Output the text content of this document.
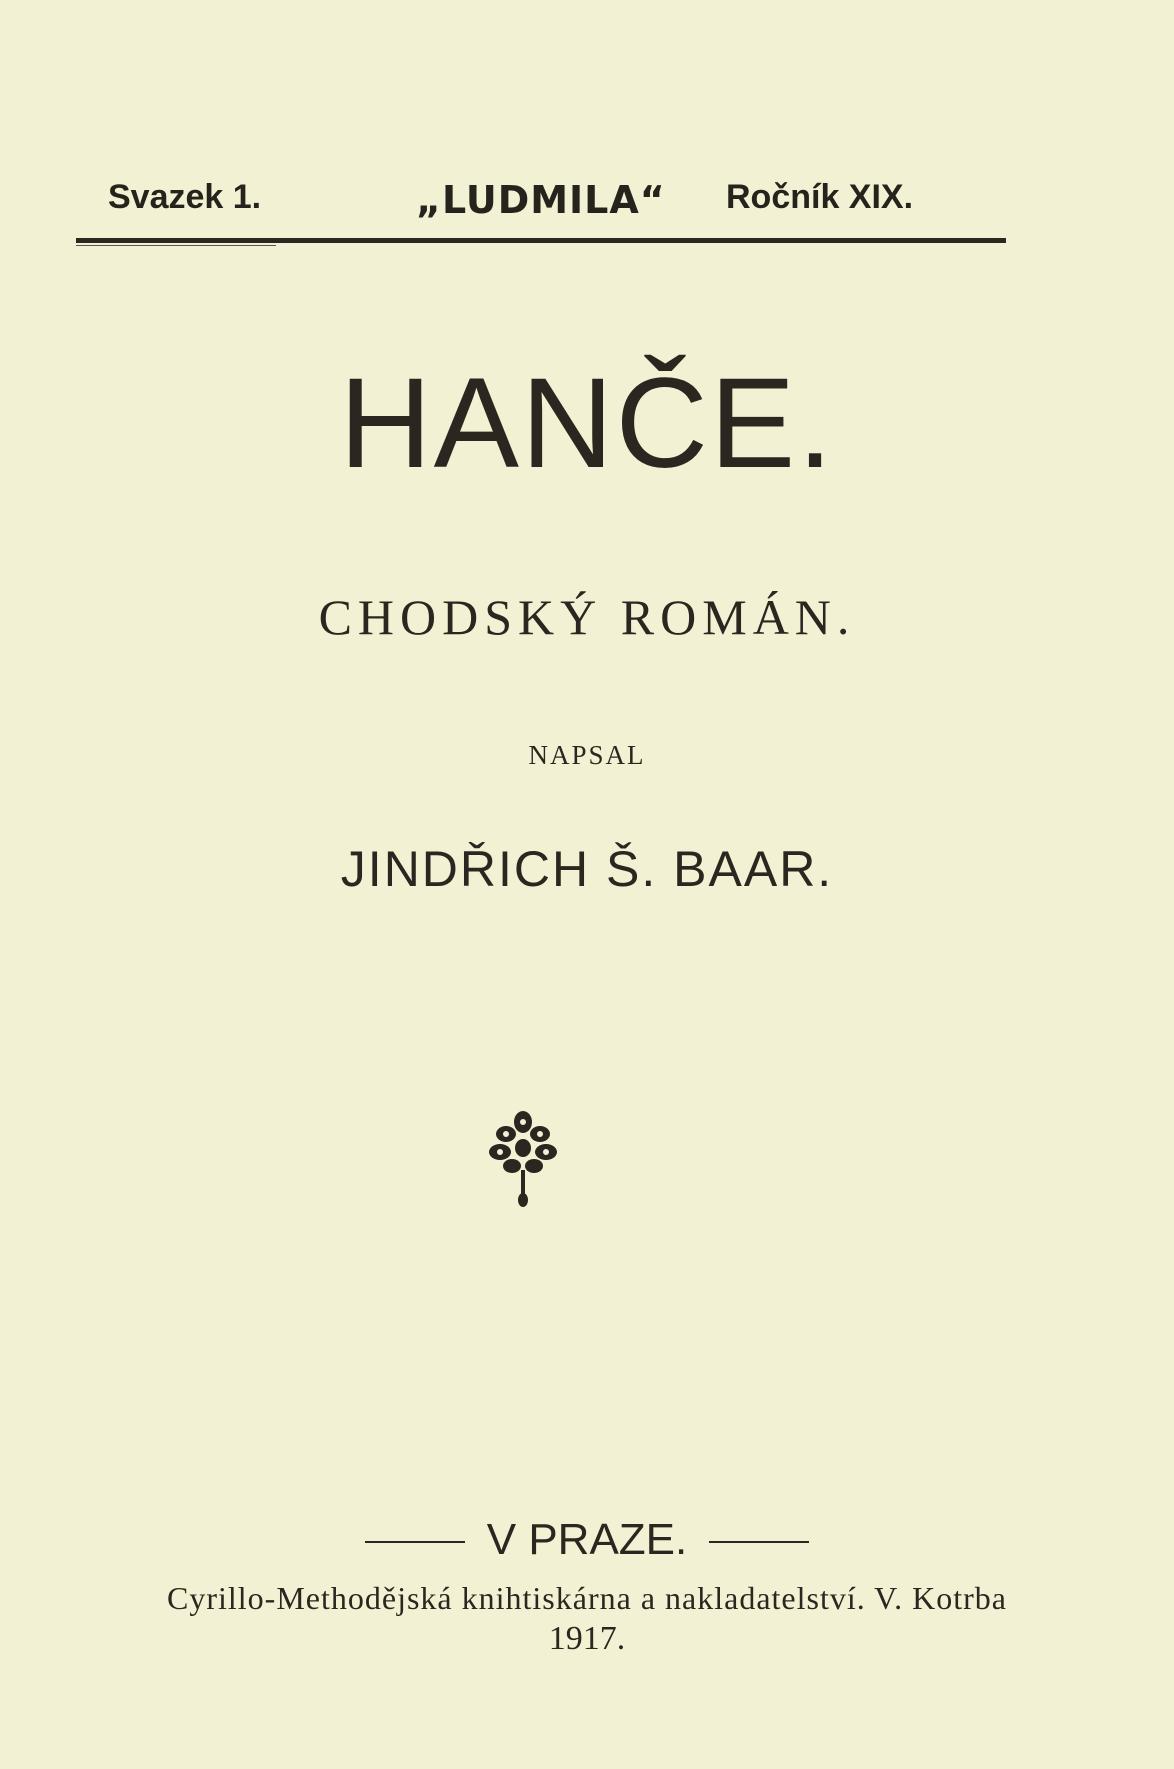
Svazek 1.	„LUDMILA“ Ročník XIX.
HANČE.
CHODSKÝ ROMÁN.
NAPSAL
JINDŘICH Š. BAAR.
V PRAZE.
Cyrillo-Methodějská knihtiskárna a nakladatelství. V. Kotrba
1917.
